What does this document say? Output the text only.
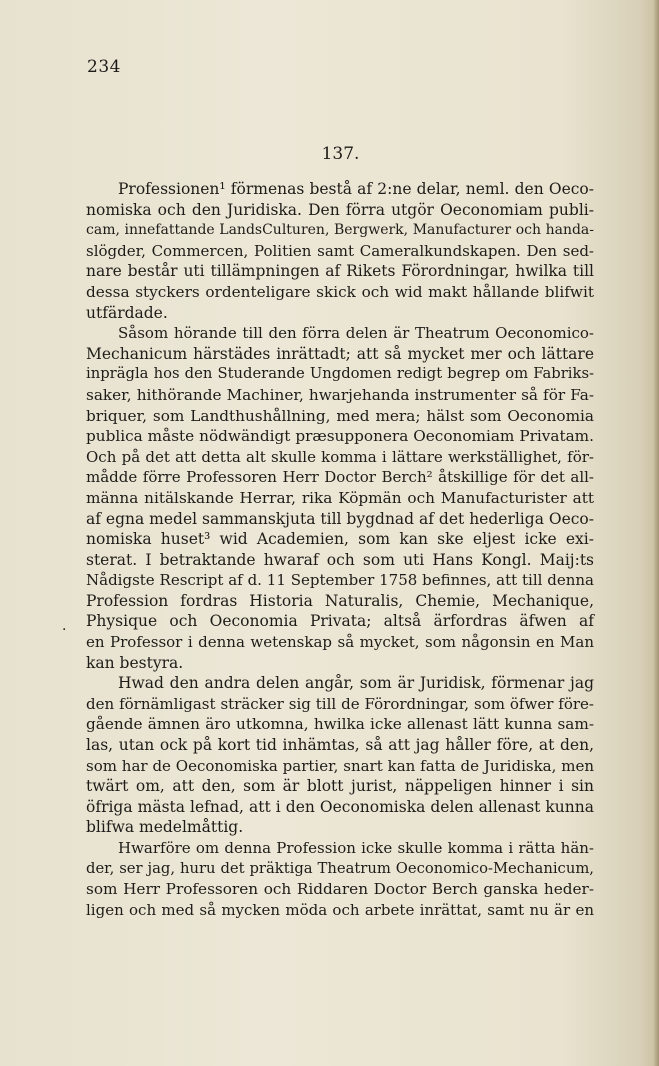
234
137.
·
Professionen¹ förmenas bestå af 2:ne delar, neml. den Oeco-
nomiska och den Juridiska. Den förra utgör Oeconomiam publi-
cam, innefattande LandsCulturen, Bergwerk, Manufacturer och handa-
slögder, Commercen, Politien samt Cameralkundskapen. Den sed-
nare består uti tillämpningen af Rikets Förordningar, hwilka till
dessa styckers ordenteligare skick och wid makt hållande blifwit
utfärdade.
Såsom hörande till den förra delen är Theatrum Oeconomico-
Mechanicum härstädes inrättadt; att så mycket mer och lättare
inprägla hos den Studerande Ungdomen redigt begrep om Fabriks-
saker, hithörande Machiner, hwarjehanda instrumenter så för Fa-
briquer, som Landthushållning, med mera; hälst som Oeconomia
publica måste nödwändigt præsupponera Oeconomiam Privatam.
Och på det att detta alt skulle komma i lättare werkställighet, för-
mådde förre Professoren Herr Doctor Berch² åtskillige för det all-
männa nitälskande Herrar, rika Köpmän och Manufacturister att
af egna medel sammanskjuta till bygdnad af det hederliga Oeco-
nomiska huset³ wid Academien, som kan ske eljest icke exi-
sterat. I betraktande hwaraf och som uti Hans Kongl. Maij:ts
Nådigste Rescript af d. 11 September 1758 befinnes, att till denna
Profession fordras Historia Naturalis, Chemie, Mechanique,
Physique och Oeconomia Privata; altså ärfordras äfwen af
en Professor i denna wetenskap så mycket, som någonsin en Man
kan bestyra.
Hwad den andra delen angår, som är Juridisk, förmenar jag
den förnämligast sträcker sig till de Förordningar, som öfwer före-
gående ämnen äro utkomna, hwilka icke allenast lätt kunna sam-
las, utan ock på kort tid inhämtas, så att jag håller före, at den,
som har de Oeconomiska partier, snart kan fatta de Juridiska, men
twärt om, att den, som är blott jurist, näppeligen hinner i sin
öfriga mästa lefnad, att i den Oeconomiska delen allenast kunna
blifwa medelmåttig.
Hwarföre om denna Profession icke skulle komma i rätta hän-
der, ser jag, huru det präktiga Theatrum Oeconomico-Mechanicum,
som Herr Professoren och Riddaren Doctor Berch ganska heder-
ligen och med så mycken möda och arbete inrättat, samt nu är en
